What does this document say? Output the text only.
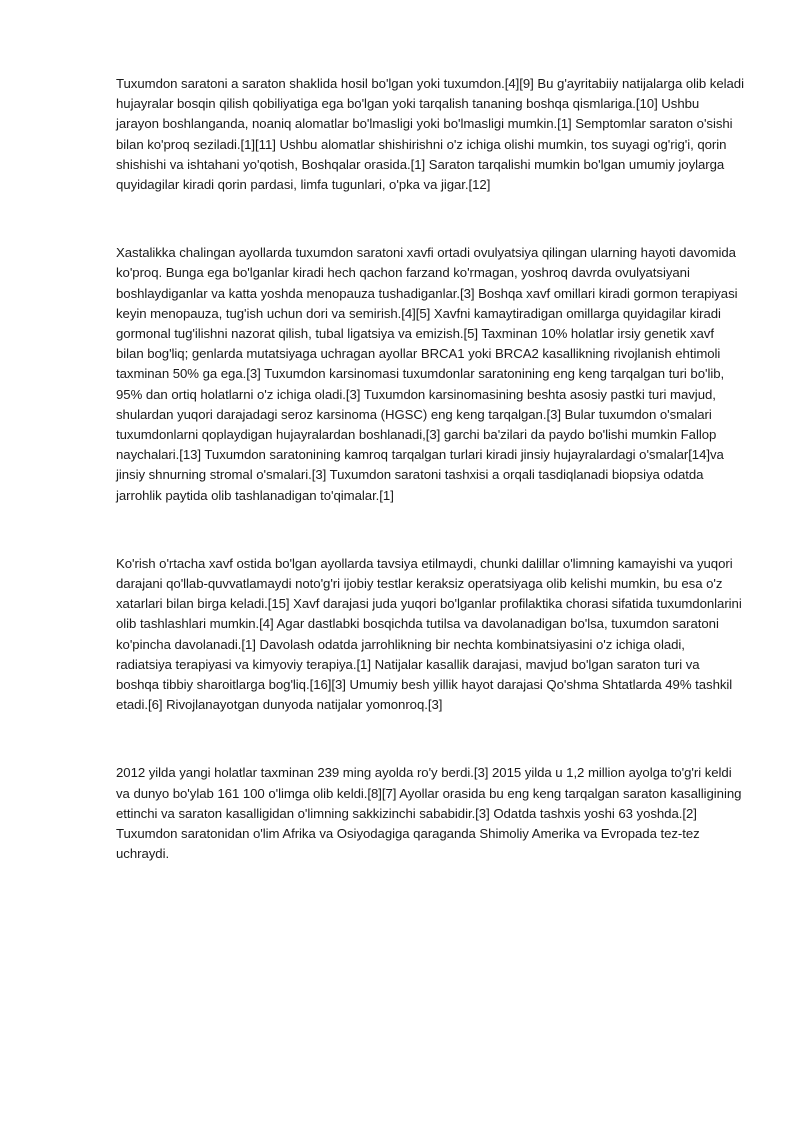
Tuxumdon saratoni a saraton shaklida hosil bo'lgan yoki tuxumdon.[4][9] Bu g'ayritabiiy natijalarga olib keladi hujayralar bosqin qilish qobiliyatiga ega bo'lgan yoki tarqalish tananing boshqa qismlariga.[10] Ushbu jarayon boshlanganda, noaniq alomatlar bo'lmasligi yoki bo'lmasligi mumkin.[1] Semptomlar saraton o'sishi bilan ko'proq seziladi.[1][11] Ushbu alomatlar shishirishni o'z ichiga olishi mumkin, tos suyagi og'rig'i, qorin shishishi va ishtahani yo'qotish, Boshqalar orasida.[1] Saraton tarqalishi mumkin bo'lgan umumiy joylarga quyidagilar kiradi qorin pardasi, limfa tugunlari, o'pka va jigar.[12]

Xastalikka chalingan ayollarda tuxumdon saratoni xavfi ortadi ovulyatsiya qilingan ularning hayoti davomida ko'proq. Bunga ega bo'lganlar kiradi hech qachon farzand ko'rmagan, yoshroq davrda ovulyatsiyani boshlaydiganlar va katta yoshda menopauza tushadiganlar.[3] Boshqa xavf omillari kiradi gormon terapiyasi keyin menopauza, tug'ish uchun dori va semirish.[4][5] Xavfni kamaytiradigan omillarga quyidagilar kiradi gormonal tug'ilishni nazorat qilish, tubal ligatsiya va emizish.[5] Taxminan 10% holatlar irsiy genetik xavf bilan bog'liq; genlarda mutatsiyaga uchragan ayollar BRCA1 yoki BRCA2 kasallikning rivojlanish ehtimoli taxminan 50% ga ega.[3] Tuxumdon karsinomasi tuxumdonlar saratonining eng keng tarqalgan turi bo'lib, 95% dan ortiq holatlarni o'z ichiga oladi.[3] Tuxumdon karsinomasining beshta asosiy pastki turi mavjud, shulardan yuqori darajadagi seroz karsinoma (HGSC) eng keng tarqalgan.[3] Bular tuxumdon o'smalari tuxumdonlarni qoplaydigan hujayralardan boshlanadi,[3] garchi ba'zilari da paydo bo'lishi mumkin Fallop naychalari.[13] Tuxumdon saratonining kamroq tarqalgan turlari kiradi jinsiy hujayralardagi o'smalar[14]va jinsiy shnurning stromal o'smalari.[3] Tuxumdon saratoni tashxisi a orqali tasdiqlanadi biopsiya odatda jarrohlik paytida olib tashlanadigan to'qimalar.[1]

Ko'rish o'rtacha xavf ostida bo'lgan ayollarda tavsiya etilmaydi, chunki dalillar o'limning kamayishi va yuqori darajani qo'llab-quvvatlamaydi noto'g'ri ijobiy testlar keraksiz operatsiyaga olib kelishi mumkin, bu esa o'z xatarlari bilan birga keladi.[15] Xavf darajasi juda yuqori bo'lganlar profilaktika chorasi sifatida tuxumdonlarini olib tashlashlari mumkin.[4] Agar dastlabki bosqichda tutilsa va davolanadigan bo'lsa, tuxumdon saratoni ko'pincha davolanadi.[1] Davolash odatda jarrohlikning bir nechta kombinatsiyasini o'z ichiga oladi, radiatsiya terapiyasi va kimyoviy terapiya.[1] Natijalar kasallik darajasi, mavjud bo'lgan saraton turi va boshqa tibbiy sharoitlarga bog'liq.[16][3] Umumiy besh yillik hayot darajasi Qo'shma Shtatlarda 49% tashkil etadi.[6] Rivojlanayotgan dunyoda natijalar yomonroq.[3]

2012 yilda yangi holatlar taxminan 239 ming ayolda ro'y berdi.[3] 2015 yilda u 1,2 million ayolga to'g'ri keldi va dunyo bo'ylab 161 100 o'limga olib keldi.[8][7] Ayollar orasida bu eng keng tarqalgan saraton kasalligining ettinchi va saraton kasalligidan o'limning sakkizinchi sababidir.[3] Odatda tashxis yoshi 63 yoshda.[2] Tuxumdon saratonidan o'lim Afrika va Osiyodagiga qaraganda Shimoliy Amerika va Evropada tez-tez uchraydi.
